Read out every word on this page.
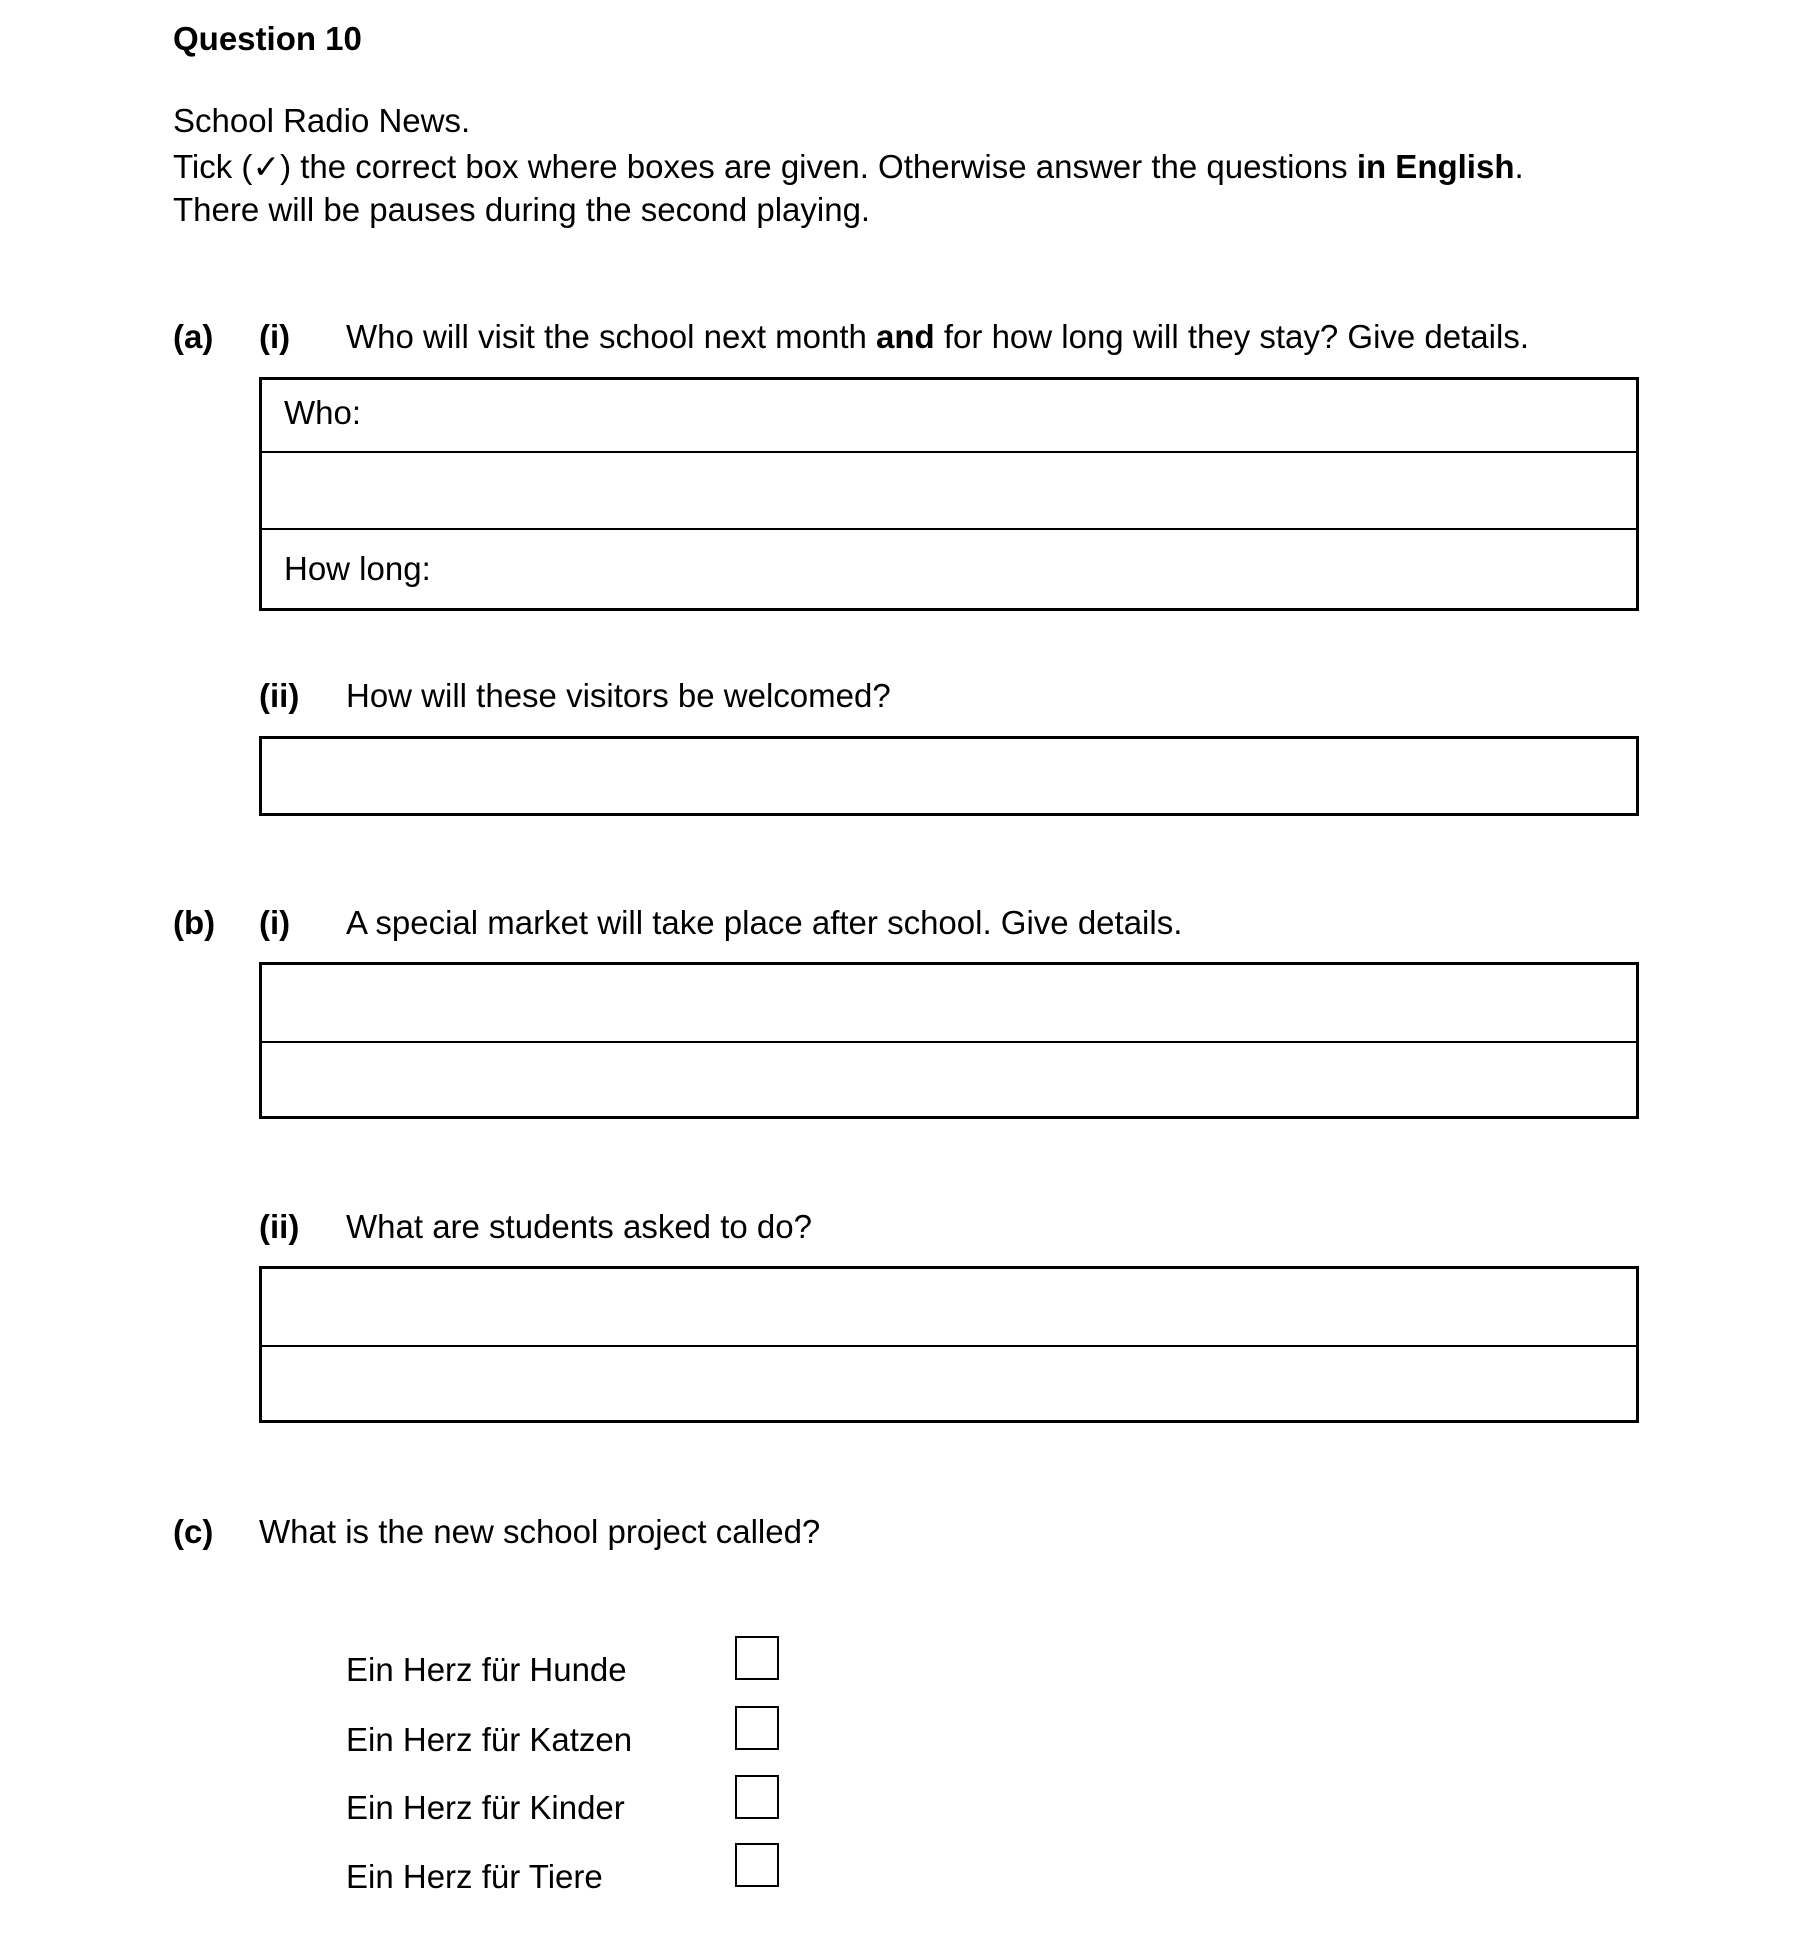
Question 10
School Radio News.
Tick (✓) the correct box where boxes are given. Otherwise answer the questions in English.
There will be pauses during the second playing.
(a) (i) Who will visit the school next month and for how long will they stay? Give details.
Who:
How long:
(ii) How will these visitors be welcomed?
(b) (i) A special market will take place after school. Give details.
(ii) What are students asked to do?
(c) What is the new school project called?
Ein Herz für Hunde
Ein Herz für Katzen
Ein Herz für Kinder
Ein Herz für Tiere
